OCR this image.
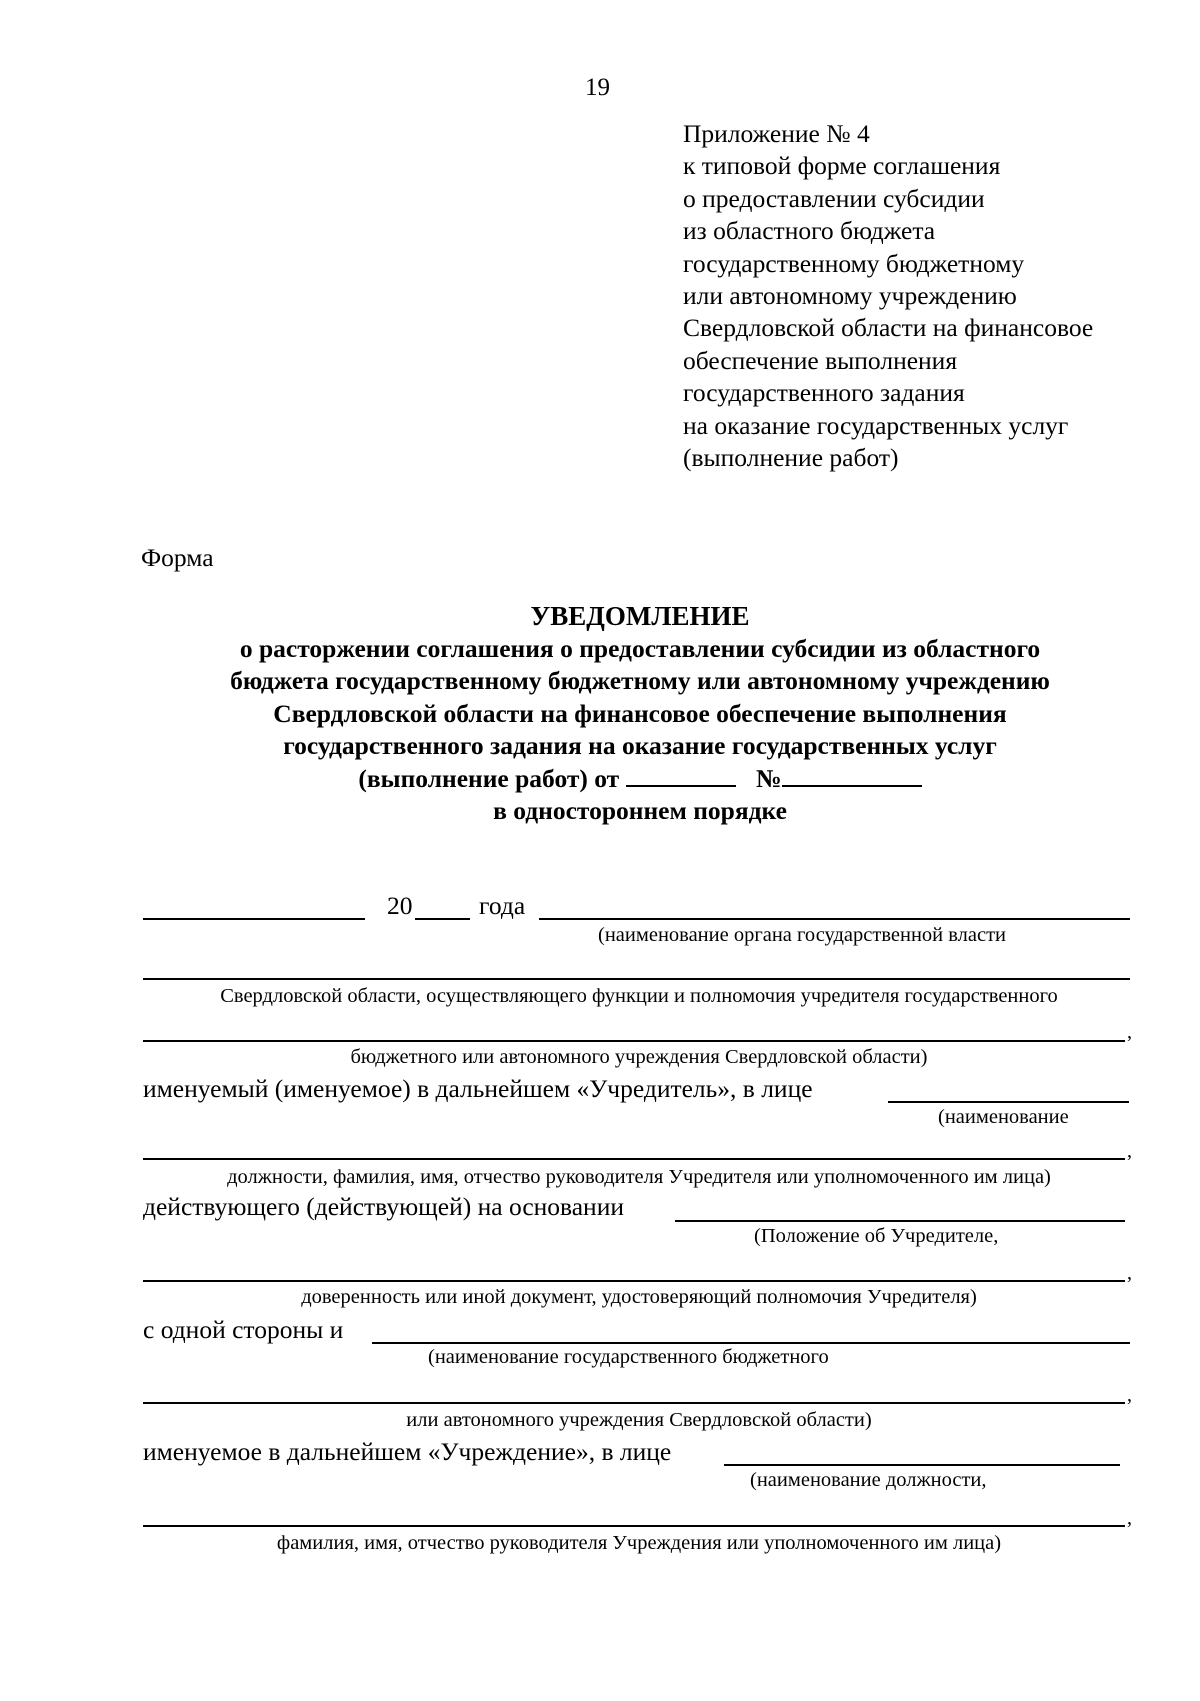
19
Приложение № 4
к типовой форме соглашения
о предоставлении субсидии
из областного бюджета
государственному бюджетному
или автономному учреждению
Свердловской области на финансовое
обеспечение выполнения
государственного задания
на оказание государственных услуг
(выполнение работ)
Форма
УВЕДОМЛЕНИЕ
о расторжении соглашения о предоставлении субсидии из областного
бюджета государственному бюджетному или автономному учреждению
Свердловской области на финансовое обеспечение выполнения
государственного задания на оказание государственных услуг
(выполнение работ) от	№
в одностороннем порядке
20	года
(наименование органа государственной власти
Свердловской области, осуществляющего функции и полномочия учредителя государственного
,
бюджетного или автономного учреждения Свердловской области)
именуемый (именуемое) в дальнейшем «Учредитель», в лице
(наименование
,
должности, фамилия, имя, отчество руководителя Учредителя или уполномоченного им лица)
действующего (действующей) на основании
(Положение об Учредителе,
,
доверенность или иной документ, удостоверяющий полномочия Учредителя)
с одной стороны и
(наименование государственного бюджетного
,
или автономного учреждения Свердловской области)
именуемое в дальнейшем «Учреждение», в лице
(наименование должности,
,
фамилия, имя, отчество руководителя Учреждения или уполномоченного им лица)
